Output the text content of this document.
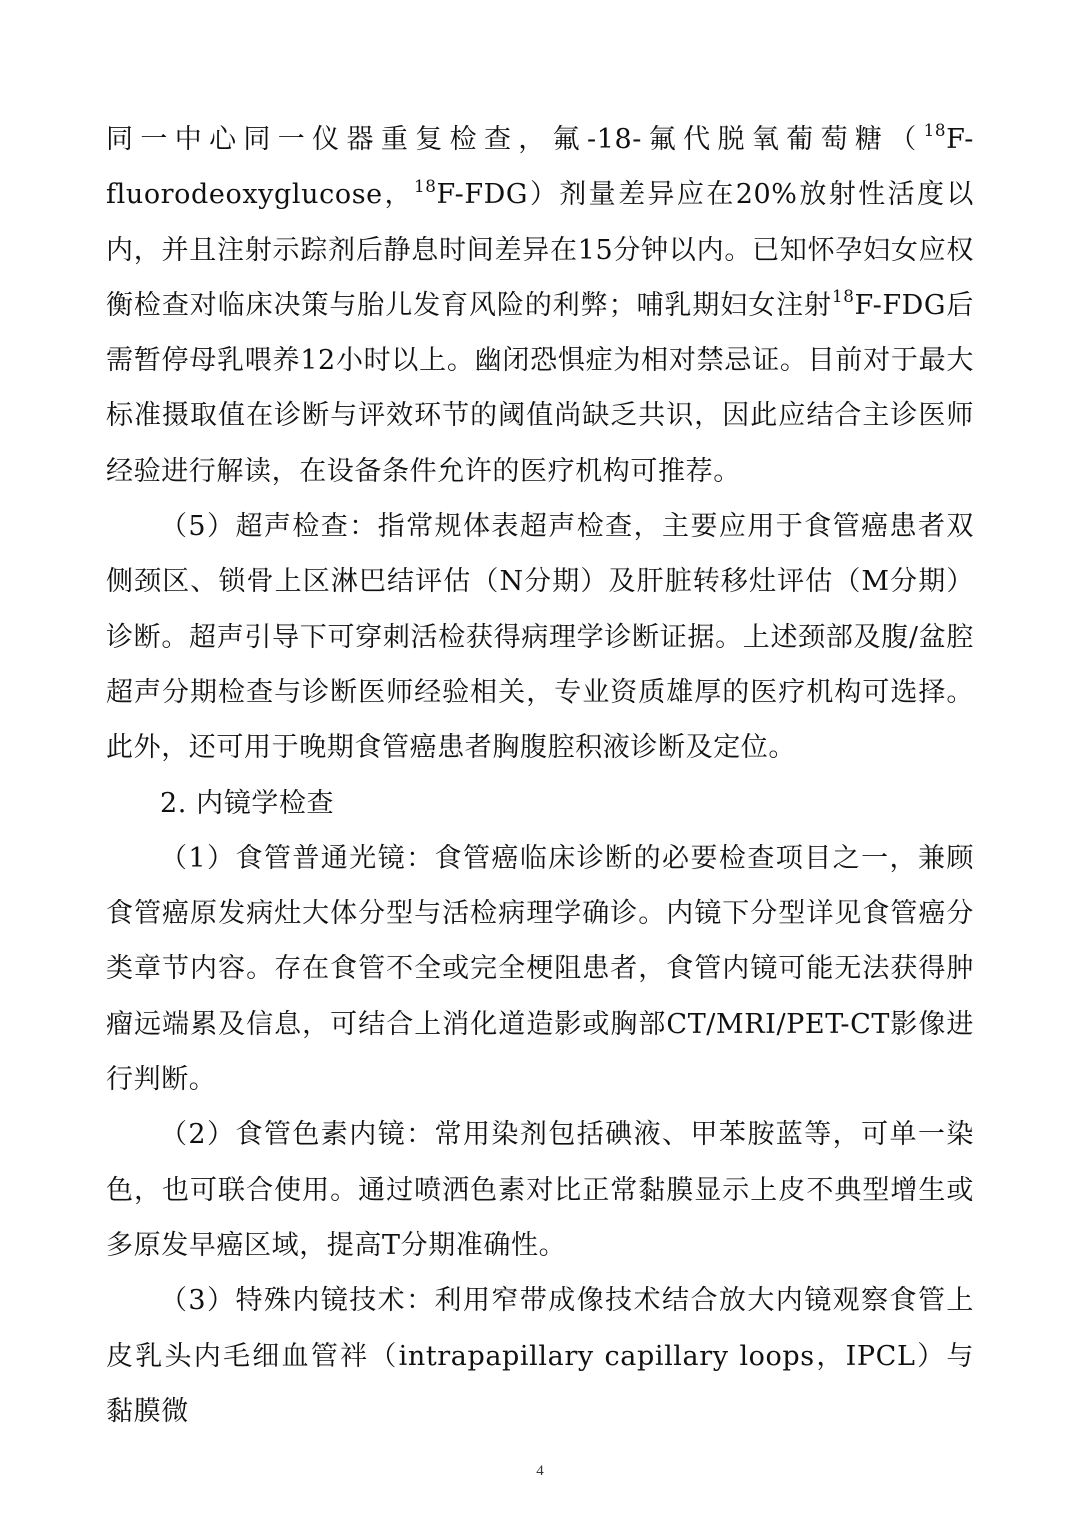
同一中心同一仪器重复检查，氟-18-氟代脱氧葡萄糖（$^{18}$F-fluorodeoxyglucose，$^{18}$F-FDG）剂量差异应在20%放射性活度以内，并且注射示踪剂后静息时间差异在15分钟以内。已知怀孕妇女应权衡检查对临床决策与胎儿发育风险的利弊；哺乳期妇女注射$^{18}$F-FDG后需暂停母乳喂养12小时以上。幽闭恐惧症为相对禁忌证。目前对于最大标准摄取值在诊断与评效环节的阈值尚缺乏共识，因此应结合主诊医师经验进行解读，在设备条件允许的医疗机构可推荐。

（5）超声检查：指常规体表超声检查，主要应用于食管癌患者双侧颈区、锁骨上区淋巴结评估（N分期）及肝脏转移灶评估（M分期）诊断。超声引导下可穿刺活检获得病理学诊断证据。上述颈部及腹/盆腔超声分期检查与诊断医师经验相关，专业资质雄厚的医疗机构可选择。此外，还可用于晚期食管癌患者胸腹腔积液诊断及定位。

2. 内镜学检查

（1）食管普通光镜：食管癌临床诊断的必要检查项目之一，兼顾食管癌原发病灶大体分型与活检病理学确诊。内镜下分型详见食管癌分类章节内容。存在食管不全或完全梗阻患者，食管内镜可能无法获得肿瘤远端累及信息，可结合上消化道造影或胸部CT/MRI/PET-CT影像进行判断。

（2）食管色素内镜：常用染剂包括碘液、甲苯胺蓝等，可单一染色，也可联合使用。通过喷洒色素对比正常黏膜显示上皮不典型增生或多原发早癌区域，提高T分期准确性。

（3）特殊内镜技术：利用窄带成像技术结合放大内镜观察食管上皮乳头内毛细血管袢（intrapapillary capillary loops，IPCL）与黏膜微

4
